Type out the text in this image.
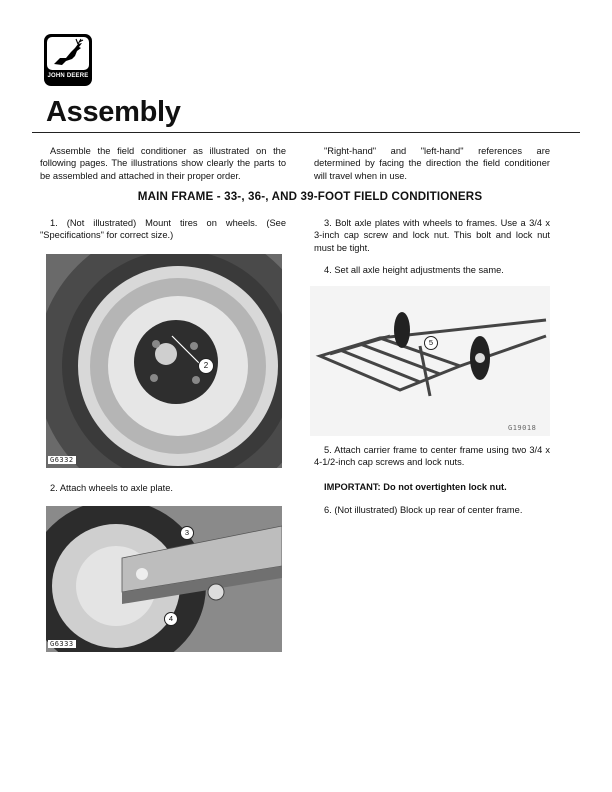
JOHN DEERE
Assembly

Assemble the field conditioner as illustrated on the following pages. The illustrations show clearly the parts to be assembled and attached in their proper order.

"Right-hand" and "left-hand" references are determined by facing the direction the field conditioner will travel when in use.

MAIN FRAME - 33-, 36-, AND 39-FOOT FIELD CONDITIONERS

1. (Not illustrated) Mount tires on wheels. (See "Specifications" for correct size.)

2
G6332

2. Attach wheels to axle plate.

3
4
G6333

3. Bolt axle plates with wheels to frames. Use a 3/4 x 3-inch cap screw and lock nut. This bolt and lock nut must be tight.

4. Set all axle height adjustments the same.

5
G19018

5. Attach carrier frame to center frame using two 3/4 x 4-1/2-inch cap screws and lock nuts.

IMPORTANT: Do not overtighten lock nut.

6. (Not illustrated) Block up rear of center frame.
